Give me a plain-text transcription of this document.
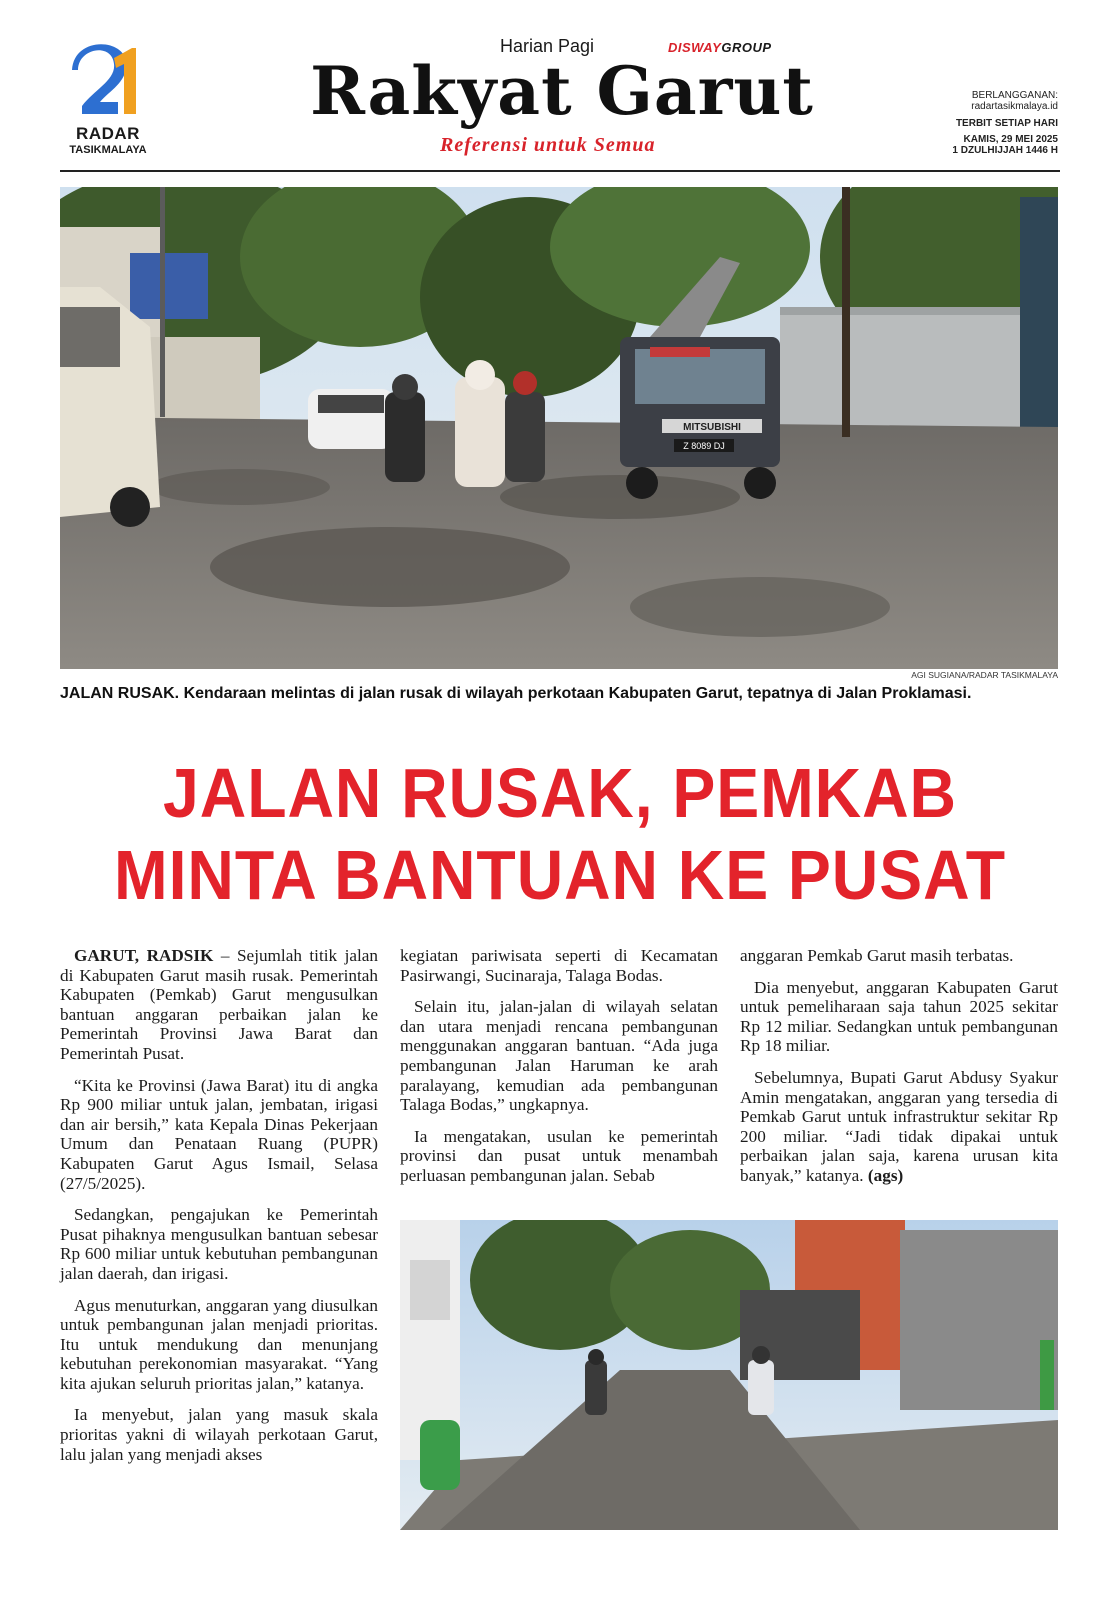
RADAR
TASIKMALAYA
Harian Pagi	DISWAYGROUP
Rakyat Garut
Referensi untuk Semua
BERLANGGANAN:
radartasikmalaya.id
TERBIT SETIAP HARI
KAMIS, 29 MEI 2025
1 DZULHIJJAH 1446 H
MITSUBISHI
Z 8089 DJ
AGI SUGIANA/RADAR TASIKMALAYA
JALAN RUSAK. Kendaraan melintas di jalan rusak di wilayah perkotaan Kabupaten Garut, tepatnya di Jalan Proklamasi.
JALAN RUSAK, PEMKAB
MINTA BANTUAN KE PUSAT

GARUT, RADSIK – Sejumlah titik jalan di Kabupaten Garut masih rusak. Pemerintah Kabupaten (Pemkab) Garut mengusulkan bantuan anggaran perbaikan jalan ke Pemerintah Provinsi Jawa Barat dan Pemerintah Pusat.

“Kita ke Provinsi (Jawa Barat) itu di angka Rp 900 miliar untuk jalan, jembatan, irigasi dan air bersih,” kata Kepala Dinas Pekerjaan Umum dan Penataan Ruang (PUPR) Kabupaten Garut Agus Ismail, Selasa (27/5/2025).

Sedangkan, pengajukan ke Pemerintah Pusat pihaknya mengusulkan bantuan sebesar Rp 600 miliar untuk kebutuhan pembangunan jalan daerah, dan irigasi.

Agus menuturkan, anggaran yang diusulkan untuk pembangunan jalan menjadi prioritas. Itu untuk mendukung dan menunjang kebutuhan perekonomian masyarakat. “Yang kita ajukan seluruh prioritas jalan,” katanya.

Ia menyebut, jalan yang masuk skala prioritas yakni di wilayah perkotaan Garut, lalu jalan yang menjadi akses

kegiatan pariwisata seperti di Kecamatan Pasirwangi, Sucinaraja, Talaga Bodas.

Selain itu, jalan-jalan di wilayah selatan dan utara menjadi rencana pembangunan menggunakan anggaran bantuan. “Ada juga pembangunan Jalan Haruman ke arah paralayang, kemudian ada pembangunan Talaga Bodas,” ungkapnya.

Ia mengatakan, usulan ke pemerintah provinsi dan pusat untuk menambah perluasan pembangunan jalan. Sebab

anggaran Pemkab Garut masih terbatas.

Dia menyebut, anggaran Kabupaten Garut untuk pemeliharaan saja tahun 2025 sekitar Rp 12 miliar. Sedangkan untuk pembangunan Rp 18 miliar.

Sebelumnya, Bupati Garut Abdusy Syakur Amin mengatakan, anggaran yang tersedia di Pemkab Garut untuk infrastruktur sekitar Rp 200 miliar. “Jadi tidak dipakai untuk perbaikan jalan saja, karena urusan kita banyak,” katanya. (ags)
